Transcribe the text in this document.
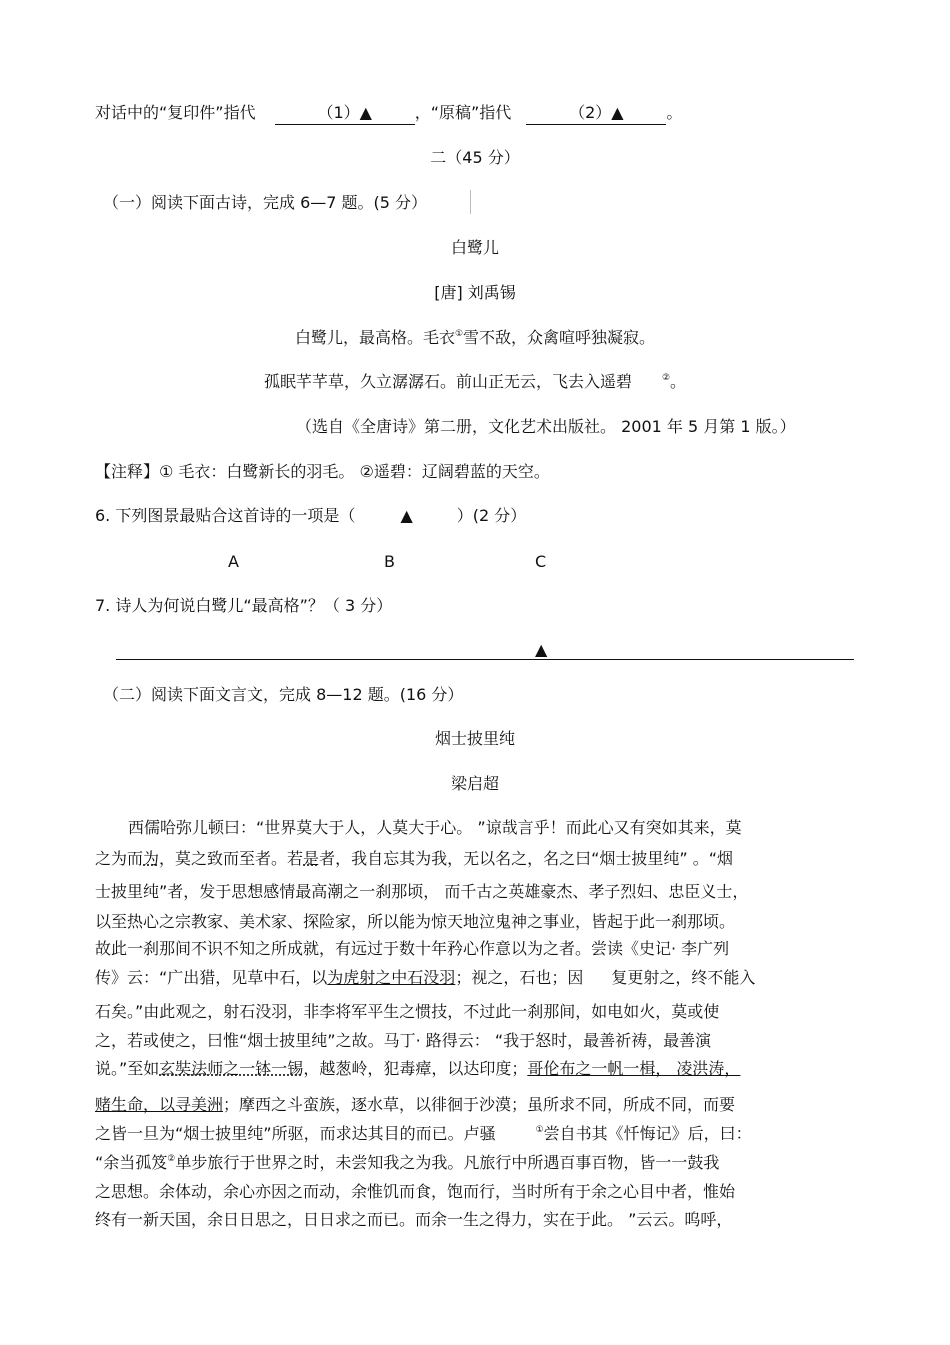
对话中的“复印件”指代	（1）▲	，“原稿”指代	（2）▲	。
二（45 分）
（一）阅读下面古诗，完成 6—7 题。(5 分）
白鹭儿
[唐] 刘禹锡
白鹭儿，最高格。毛衣①雪不敌，众禽喧呼独凝寂。
孤眠芊芊草，久立潺潺石。前山正无云，飞去入遥碧	②。
（选自《全唐诗》第二册，文化艺术出版社。 2001 年 5 月第 1 版。）
【注释】① 毛衣：白鹭新长的羽毛。 ②遥碧：辽阔碧蓝的天空。
6. 下列图景最贴合这首诗的一项是（	▲	）(2 分）
A	B	C
7. 诗人为何说白鹭儿“最高格”？（ 3 分）
▲
（二）阅读下面文言文，完成 8—12 题。(16 分）
烟士披里纯
梁启超
西儒哈弥儿顿曰：“世界莫大于人，人莫大于心。 ”谅哉言乎！而此心又有突如其来，莫
之为而为，莫之致而至者。若是者，我自忘其为我，无以名之，名之曰“烟士披里纯” 。“烟
士披里纯”者，发于思想感情最高潮之一刹那顷， 而千古之英雄豪杰、孝子烈妇、忠臣义士，
以至热心之宗教家、美术家、探险家，所以能为惊天地泣鬼神之事业，皆起于此一刹那顷。
故此一刹那间不识不知之所成就，有远过于数十年矜心作意以为之者。尝读《史记· 李广列
传》云：“广出猎，见草中石，以为虎射之中石没羽；视之，石也；因 复更射之，终不能入
石矣。”由此观之，射石没羽，非李将军平生之惯技，不过此一刹那间，如电如火，莫或使
之，若或使之，曰惟“烟士披里纯”之故。马丁· 路得云： “我于怒时，最善祈祷，最善演
说。”至如玄奘法师之一钵一锡，越葱岭，犯毒瘴，以达印度；哥伦布之一帆一楫， 凌洪涛，
赌生命，以寻美洲；摩西之斗蛮族，逐水草，以徘徊于沙漠；虽所求不同，所成不同，而要
之皆一旦为“烟士披里纯”所驱，而求达其目的而已。卢骚	①尝自书其《忏悔记》后，曰：
“余当孤笈②单步旅行于世界之时，未尝知我之为我。凡旅行中所遇百事百物，皆一一鼓我
之思想。余体动，余心亦因之而动，余惟饥而食，饱而行，当时所有于余之心目中者，惟始
终有一新天国，余日日思之，日日求之而已。而余一生之得力，实在于此。 ”云云。呜呼，
